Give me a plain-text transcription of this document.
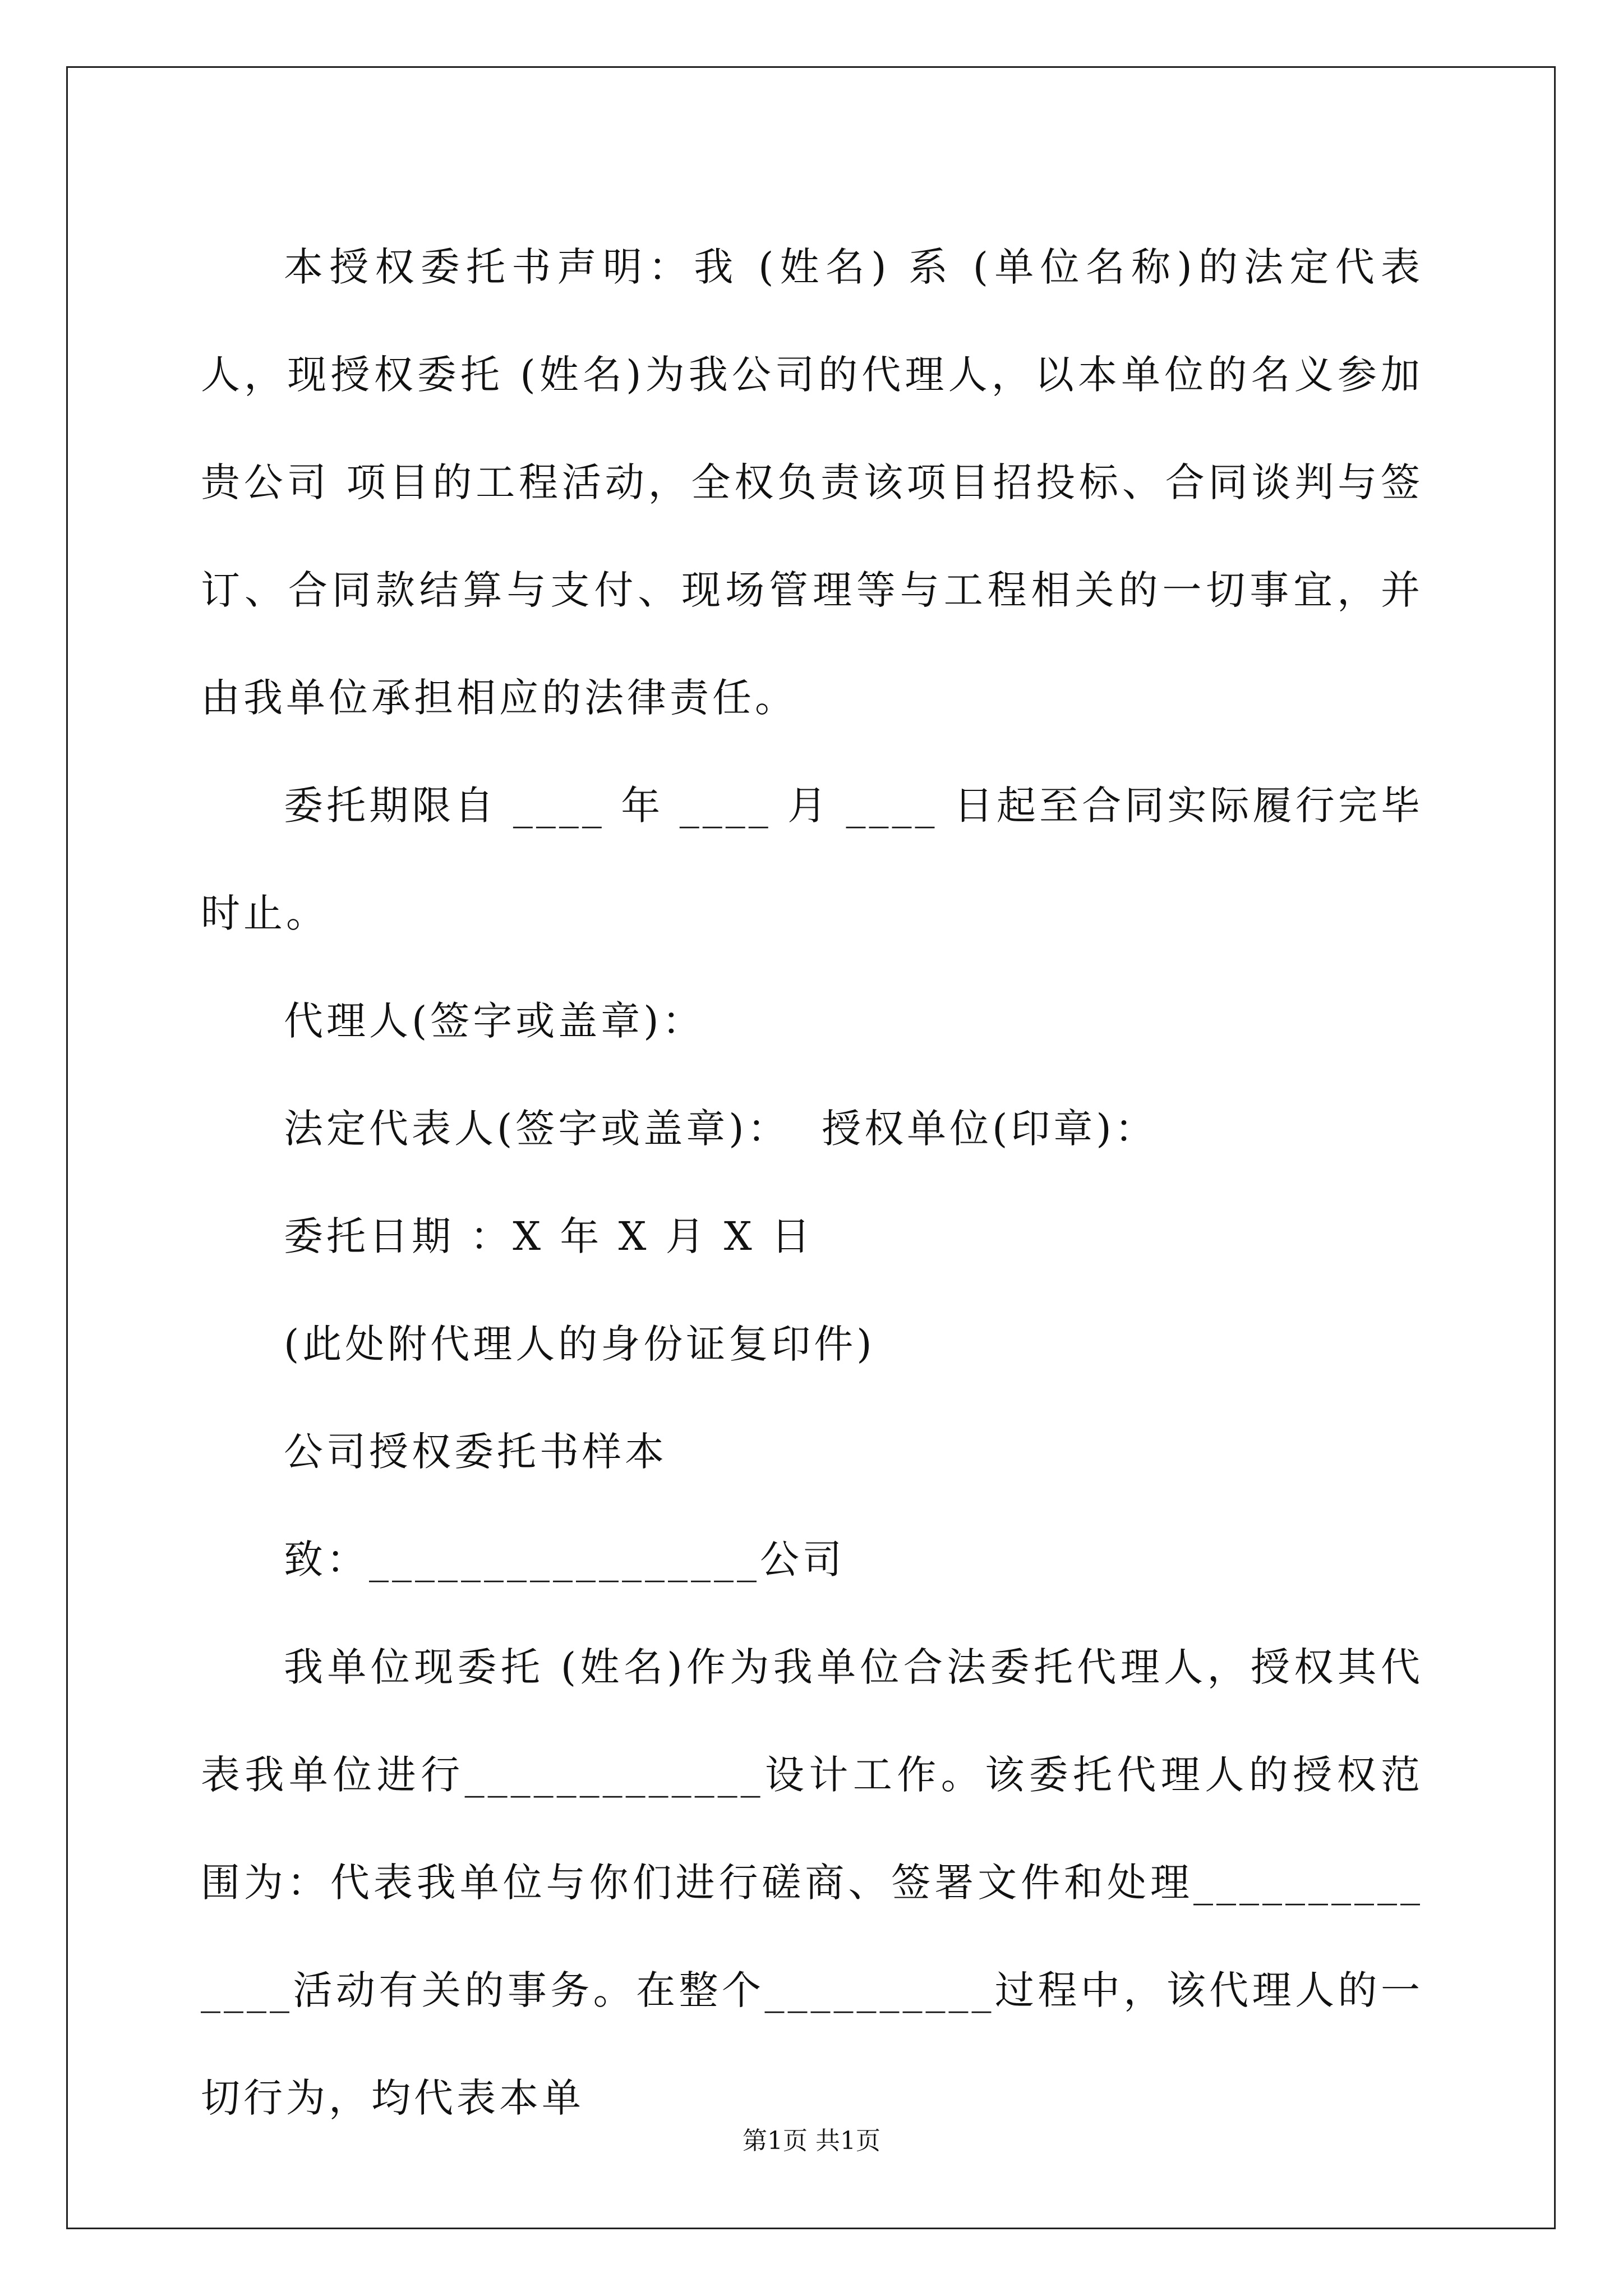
本授权委托书声明：我 (姓名) 系 (单位名称)的法定代表人，现授权委托 (姓名)为我公司的代理人，以本单位的名义参加贵公司 项目的工程活动，全权负责该项目招投标、合同谈判与签订、合同款结算与支付、现场管理等与工程相关的一切事宜，并由我单位承担相应的法律责任。

委托期限自 ____ 年 ____ 月 ____ 日起至合同实际履行完毕时止。

代理人(签字或盖章)：
法定代表人(签字或盖章)：  授权单位(印章)：
委托日期 ：X 年 X 月 X 日
(此处附代理人的身份证复印件)
公司授权委托书样本
致：_________________公司

我单位现委托 (姓名)作为我单位合法委托代理人，授权其代表我单位进行_____________设计工作。该委托代理人的授权范围为：代表我单位与你们进行磋商、签署文件和处理______________活动有关的事务。在整个__________过程中，该代理人的一切行为，均代表本单

第1页 共1页
